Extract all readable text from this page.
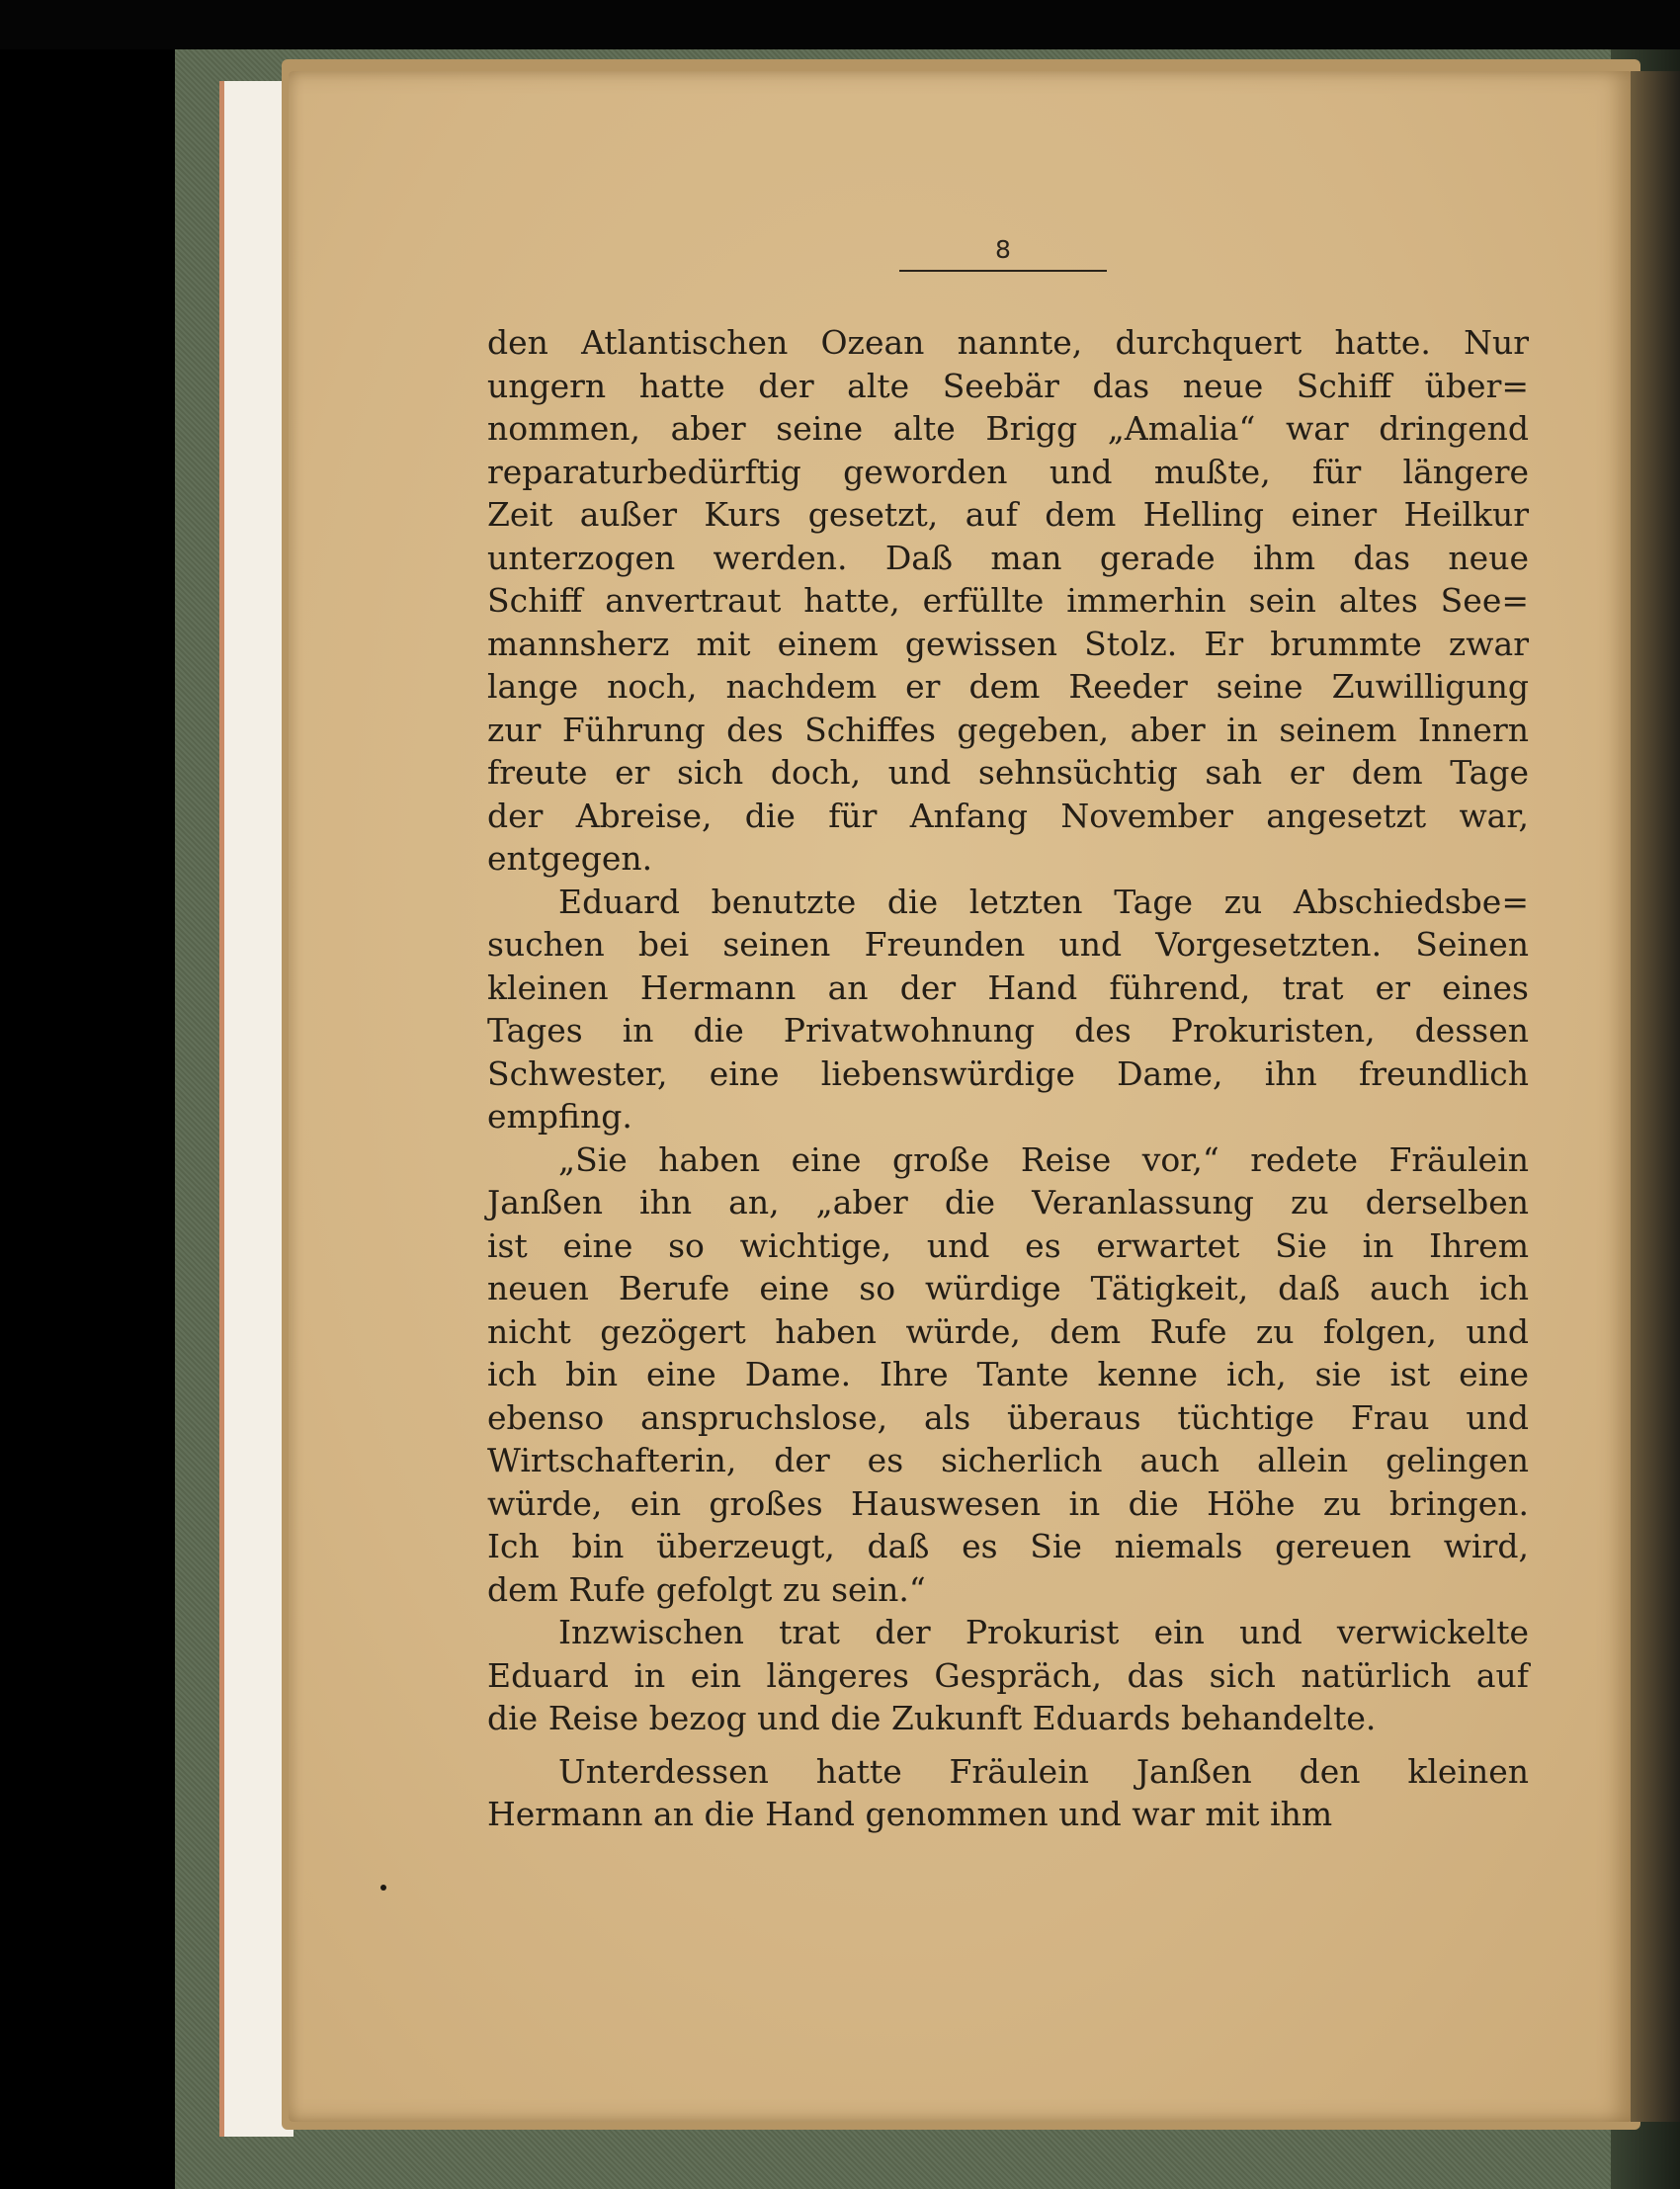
8
den Atlantischen Ozean nannte, durchquert hatte. Nur
ungern hatte der alte Seebär das neue Schiff über=
nommen, aber seine alte Brigg „Amalia“ war dringend
reparaturbedürftig geworden und mußte, für längere
Zeit außer Kurs gesetzt, auf dem Helling einer Heilkur
unterzogen werden. Daß man gerade ihm das neue
Schiff anvertraut hatte, erfüllte immerhin sein altes See=
mannsherz mit einem gewissen Stolz. Er brummte zwar
lange noch, nachdem er dem Reeder seine Zuwilligung
zur Führung des Schiffes gegeben, aber in seinem Innern
freute er sich doch, und sehnsüchtig sah er dem Tage
der Abreise, die für Anfang November angesetzt war,
entgegen.
Eduard benutzte die letzten Tage zu Abschiedsbe=
suchen bei seinen Freunden und Vorgesetzten. Seinen
kleinen Hermann an der Hand führend, trat er eines
Tages in die Privatwohnung des Prokuristen, dessen
Schwester, eine liebenswürdige Dame, ihn freundlich
empfing.
„Sie haben eine große Reise vor,“ redete Fräulein
Janßen ihn an, „aber die Veranlassung zu derselben
ist eine so wichtige, und es erwartet Sie in Ihrem
neuen Berufe eine so würdige Tätigkeit, daß auch ich
nicht gezögert haben würde, dem Rufe zu folgen, und
ich bin eine Dame. Ihre Tante kenne ich, sie ist eine
ebenso anspruchslose, als überaus tüchtige Frau und
Wirtschafterin, der es sicherlich auch allein gelingen
würde, ein großes Hauswesen in die Höhe zu bringen.
Ich bin überzeugt, daß es Sie niemals gereuen wird,
dem Rufe gefolgt zu sein.“
Inzwischen trat der Prokurist ein und verwickelte
Eduard in ein längeres Gespräch, das sich natürlich auf
die Reise bezog und die Zukunft Eduards behandelte.
Unterdessen hatte Fräulein Janßen den kleinen
Hermann an die Hand genommen und war mit ihm
